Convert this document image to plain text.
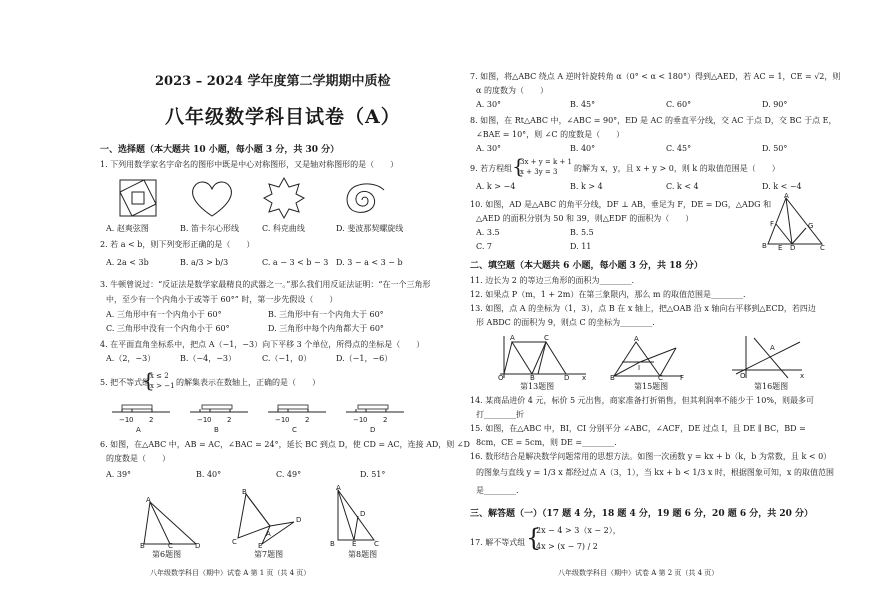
2023 – 2024 学年度第二学期期中质检
八年级数学科目试卷（A）
一、选择题（本大题共 10 小题，每小题 3 分，共 30 分）
1. 下列用数学家名字命名的图形中既是中心对称图形，又是轴对称图形的是（　　）
A. 赵爽弦图	B. 笛卡尔心形线	C. 科克曲线	D. 斐波那契螺旋线
2. 若 a < b，则下列变形正确的是（　　）
A. 2a < 3b	B. a/3 > b/3	C. a − 3 < b − 3 D. 3 − a < 3 − b
3. 牛顿曾说过：“反证法是数学家最精良的武器之一。”那么我们用反证法证明：“在一个三角形
中，至少有一个内角小于或等于 60°” 时，第一步先假设（　　）
A. 三角形中有一个内角小于 60°	B. 三角形中有一个内角大于 60°
C. 三角形中没有一个内角小于 60°	D. 三角形中每个内角都大于 60°
4. 在平面直角坐标系中，把点 A（−1，−3）向下平移 3 个单位，所得点的坐标是（　　）
A.（2，−3）	B.（−4，−3）	C.（−1，0）	D.（−1，−6）
5. 把不等式组
{
x ≤ 2
x > −1 的解集表示在数轴上，正确的是（　　）
−1 0 2
A
−1 0 2
B
−1 0 2
C
−1 0 2
D
6. 如图，在△ABC 中，AB = AC，∠BAC = 24°，延长 BC 到点 D，使 CD = AC，连接 AD，则 ∠D
的度数是（　　）
A. 39°	B. 40°	C. 49°	D. 51°
A
B	C	D
第6题图
B
C
A
D
E
第7题图
A
B E	C
D
第8题图
八年级数学科目（期中）试卷 A 第 1 页（共 4 页）
7. 如图，将△ABC 绕点 A 逆时针旋转角 α（0° < α < 180°）得到△AED，若 AC = 1，CE = √2，则
α 的度数为（　　）
A. 30°	B. 45°	C. 60°	D. 90°
8. 如图，在 Rt△ABC 中，∠ABC = 90°，ED 是 AC 的垂直平分线，交 AC 于点 D，交 BC 于点 E，
∠BAE = 10°，则 ∠C 的度数是（　　）
A. 30°	B. 40°	C. 45°	D. 50°
9. 若方程组 {
3x + y = k + 1
x + 3y = 3 的解为 x，y，且 x + y > 0，则 k 的取值范围是（　　）
A. k > −4	B. k > 4	C. k < 4	D. k < −4
10. 如图，AD 是△ABC 的角平分线，DF ⊥ AB，垂足为 F，DE = DG，△ADG 和
△AED 的面积分别为 50 和 39，则△EDF 的面积为（　　）
A. 3.5	B. 5.5
C. 7	D. 11
A
B	D	C
F	G
E
二、填空题（本大题共 6 小题，每小题 3 分，共 18 分）
11. 边长为 2 的等边三角形的面积为________.
12. 如果点 P（m，1 + 2m）在第三象限内，那么 m 的取值范围是________.
13. 如图，点 A 的坐标为（1，3），点 B 在 x 轴上，把△OAB 沿 x 轴向右平移到△ECD，若四边
形 ABDC 的面积为 9，则点 C 的坐标为________.
A	C
O	B	D x
第13题图
A
B	C F
I
第15题图
A
O	x
第16题图
14. 某商品进价 4 元，标价 5 元出售，商家准备打折销售，但其利润率不能少于 10%，则最多可
打________折
15. 如图，在△ABC 中，BI，CI 分别平分 ∠ABC，∠ACF，DE 过点 I，且 DE ∥ BC，BD =
8cm，CE = 5cm，则 DE =________.
16. 数形结合是解决数学问题常用的思想方法。如图一次函数 y = kx + b（k，b 为常数，且 k < 0）
的图象与直线 y = 1/3 x 都经过点 A（3，1），当 kx + b < 1/3 x 时，根据图象可知，x 的取值范围
是________.
三、解答题（一）（17 题 4 分，18 题 4 分，19 题 6 分，20 题 6 分，共 20 分）
17. 解不等式组 {
2x − 4 > 3（x − 2），
4x > (x − 7) / 2
八年级数学科目（期中）试卷 A 第 2 页（共 4 页）
